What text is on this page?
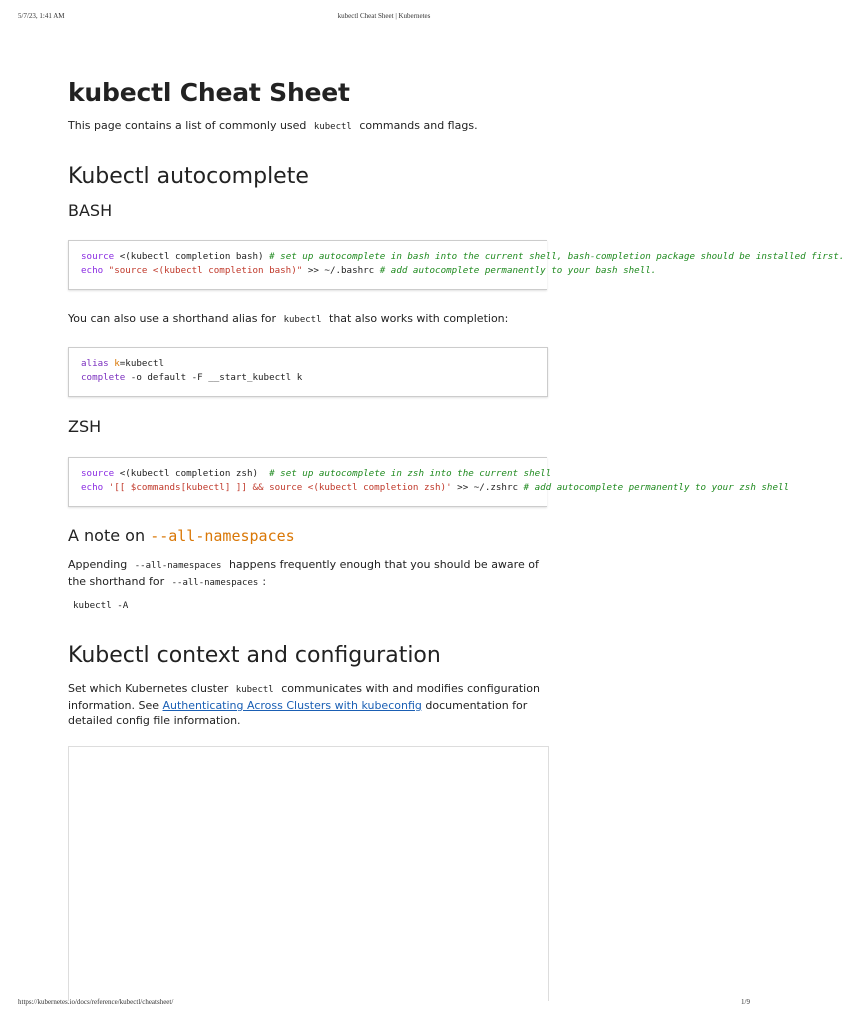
5/7/23, 1:41 AM	kubectl Cheat Sheet | Kubernetes
kubectl Cheat Sheet

This page contains a list of commonly used kubectl commands and flags.

Kubectl autocomplete
BASH
source <(kubectl completion bash) # set up autocomplete in bash into the current shell, bash-completion package should be installed first.
echo "source <(kubectl completion bash)" >> ~/.bashrc # add autocomplete permanently to your bash shell.

You can also use a shorthand alias for kubectl that also works with completion:

alias k=kubectl
complete -o default -F __start_kubectl k
ZSH
source <(kubectl completion zsh)  # set up autocomplete in zsh into the current shell
echo '[[ $commands[kubectl] ]] && source <(kubectl completion zsh)' >> ~/.zshrc # add autocomplete permanently to your zsh shell
A note on --all-namespaces

Appending --all-namespaces happens frequently enough that you should be aware of the shorthand for --all-namespaces :

kubectl -A
Kubectl context and configuration

Set which Kubernetes cluster kubectl communicates with and modifies configuration information. See Authenticating Across Clusters with kubeconfig documentation for detailed config file information.

https://kubernetes.io/docs/reference/kubectl/cheatsheet/	1/9
